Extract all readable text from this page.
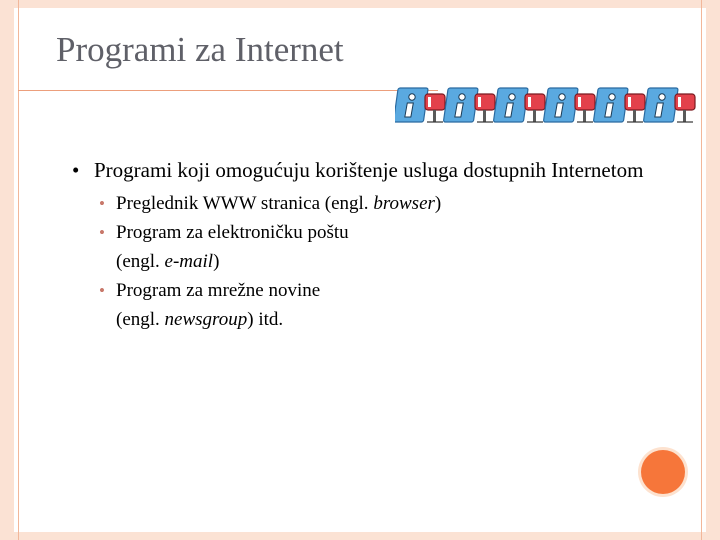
Programi za Internet
• Programi koji omogućuju korištenje usluga dostupnih Internetom
• Preglednik WWW stranica (engl. browser)
• Program za elektroničku poštu
(engl. e-mail)
• Program za mrežne novine
(engl. newsgroup) itd.
